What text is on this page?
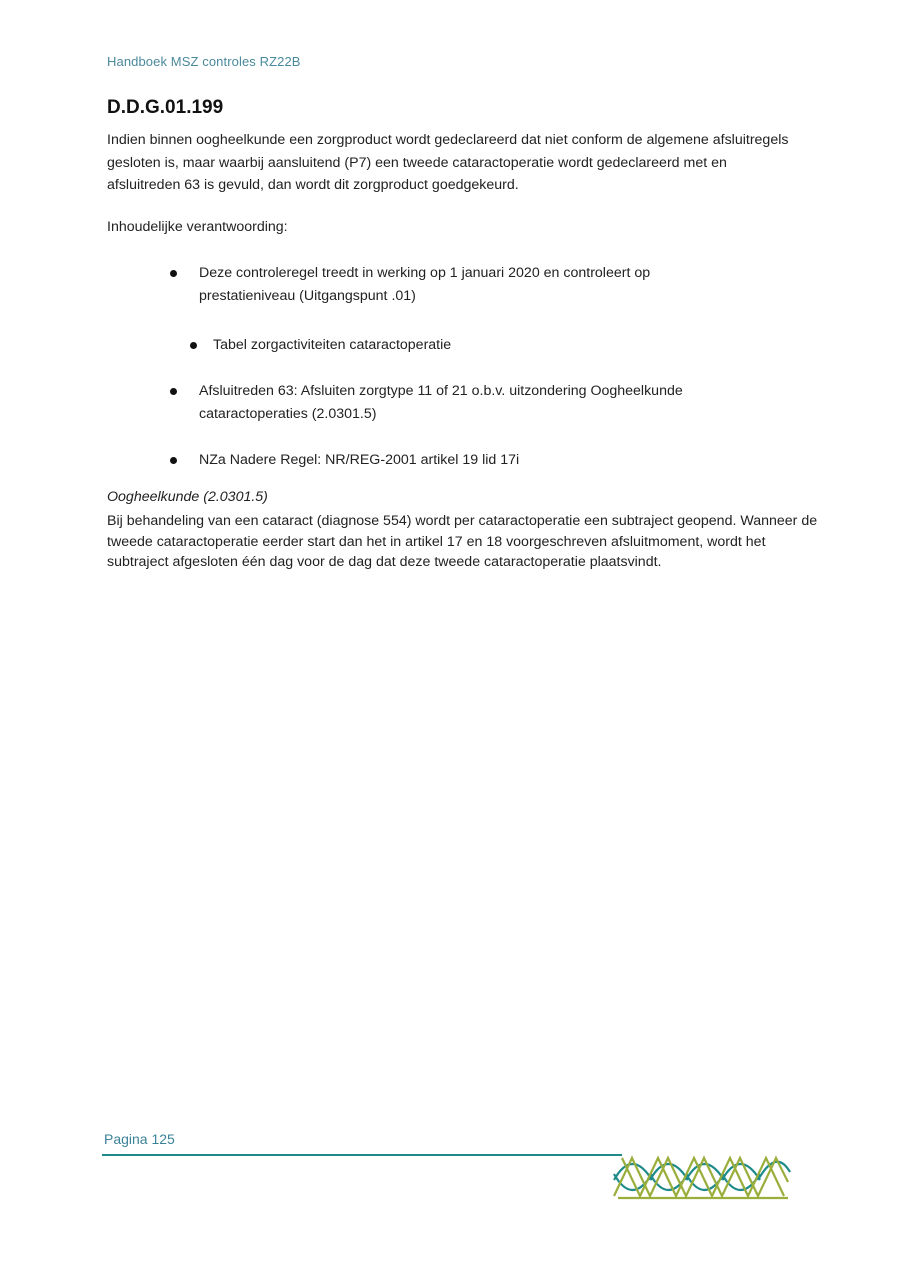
Handboek MSZ controles RZ22B
D.D.G.01.199

Indien binnen oogheelkunde een zorgproduct wordt gedeclareerd dat niet conform de algemene afsluitregels gesloten is, maar waarbij aansluitend (P7) een tweede cataractoperatie wordt gedeclareerd met en afsluitreden 63 is gevuld, dan wordt dit zorgproduct goedgekeurd.

Inhoudelijke verantwoording:

Deze controleregel treedt in werking op 1 januari 2020 en controleert op prestatieniveau (Uitgangspunt .01)
Tabel zorgactiviteiten cataractoperatie
Afsluitreden 63: Afsluiten zorgtype 11 of 21 o.b.v. uitzondering Oogheelkunde cataractoperaties (2.0301.5)
NZa Nadere Regel: NR/REG-2001 artikel 19 lid 17i
Oogheelkunde (2.0301.5)
Bij behandeling van een cataract (diagnose 554) wordt per cataractoperatie een subtraject geopend. Wanneer de tweede cataractoperatie eerder start dan het in artikel 17 en 18 voorgeschreven afsluitmoment, wordt het subtraject afgesloten één dag voor de dag dat deze tweede cataractoperatie plaatsvindt.
Pagina 125
